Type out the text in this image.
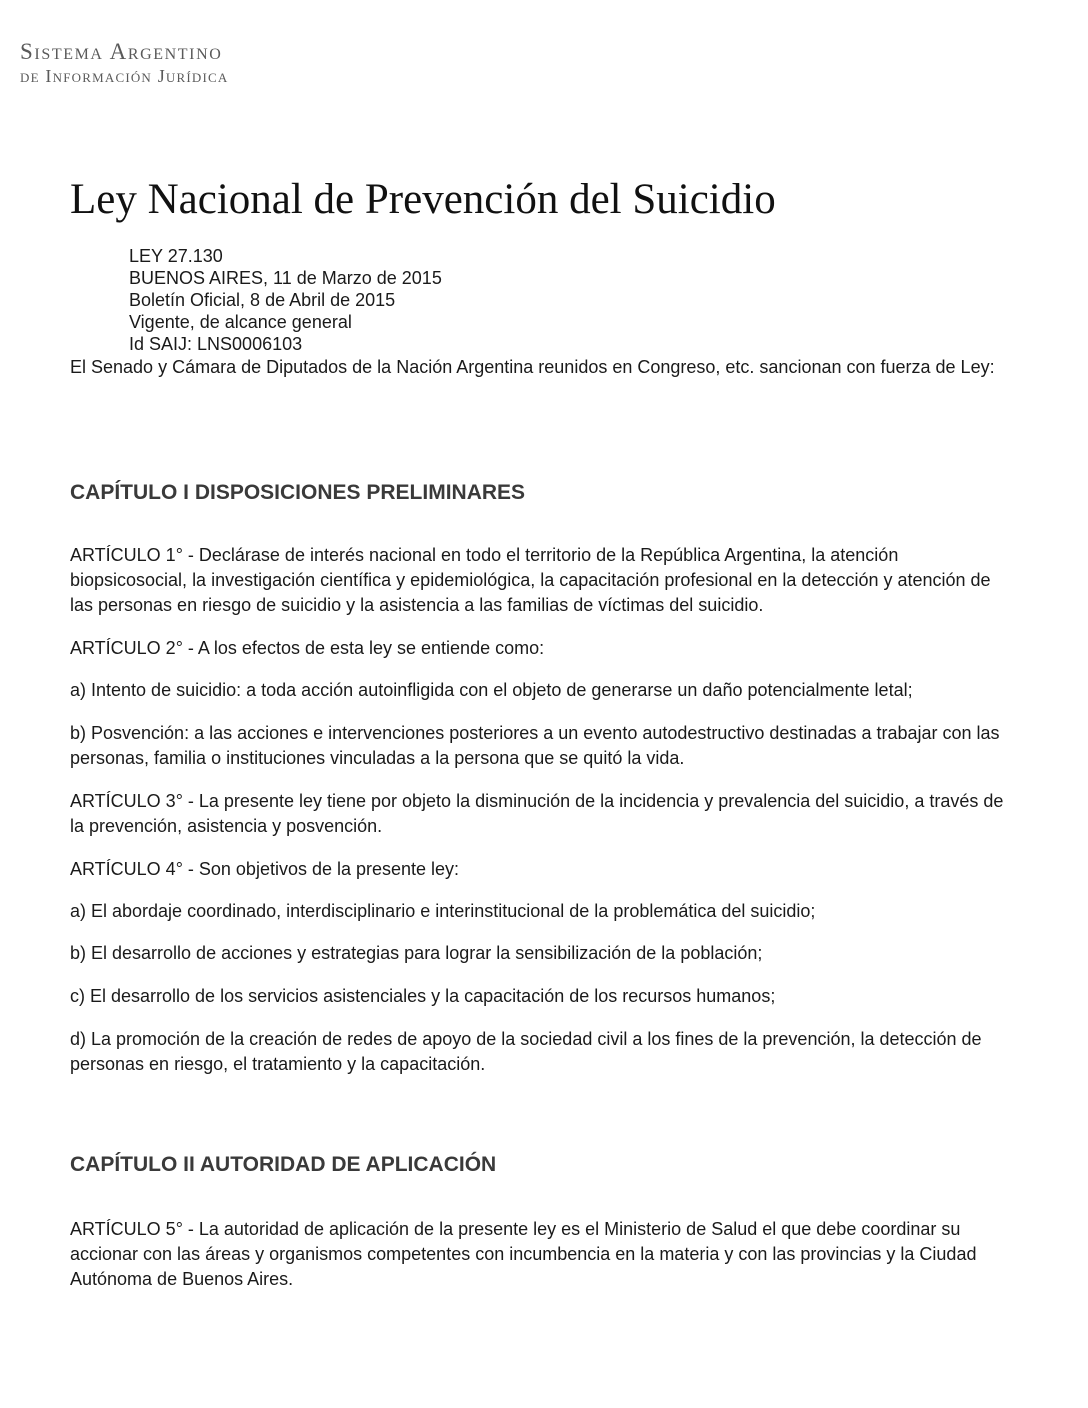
Sistema Argentino
de Información Jurídica
Ley Nacional de Prevención del Suicidio
LEY 27.130
BUENOS AIRES, 11 de Marzo de 2015
Boletín Oficial, 8 de Abril de 2015
Vigente, de alcance general
Id SAIJ: LNS0006103

El Senado y Cámara de Diputados de la Nación Argentina reunidos en Congreso, etc. sancionan con fuerza de Ley:

CAPÍTULO I DISPOSICIONES PRELIMINARES

ARTÍCULO 1° - Declárase de interés nacional en todo el territorio de la República Argentina, la atención biopsicosocial, la investigación científica y epidemiológica, la capacitación profesional en la detección y atención de las personas en riesgo de suicidio y la asistencia a las familias de víctimas del suicidio.

ARTÍCULO 2° - A los efectos de esta ley se entiende como:

a) Intento de suicidio: a toda acción autoinfligida con el objeto de generarse un daño potencialmente letal;

b) Posvención: a las acciones e intervenciones posteriores a un evento autodestructivo destinadas a trabajar con las personas, familia o instituciones vinculadas a la persona que se quitó la vida.

ARTÍCULO 3° - La presente ley tiene por objeto la disminución de la incidencia y prevalencia del suicidio, a través de la prevención, asistencia y posvención.

ARTÍCULO 4° - Son objetivos de la presente ley:

a) El abordaje coordinado, interdisciplinario e interinstitucional de la problemática del suicidio;

b) El desarrollo de acciones y estrategias para lograr la sensibilización de la población;

c) El desarrollo de los servicios asistenciales y la capacitación de los recursos humanos;

d) La promoción de la creación de redes de apoyo de la sociedad civil a los fines de la prevención, la detección de personas en riesgo, el tratamiento y la capacitación.

CAPÍTULO II AUTORIDAD DE APLICACIÓN

ARTÍCULO 5° - La autoridad de aplicación de la presente ley es el Ministerio de Salud el que debe coordinar su accionar con las áreas y organismos competentes con incumbencia en la materia y con las provincias y la Ciudad Autónoma de Buenos Aires.
